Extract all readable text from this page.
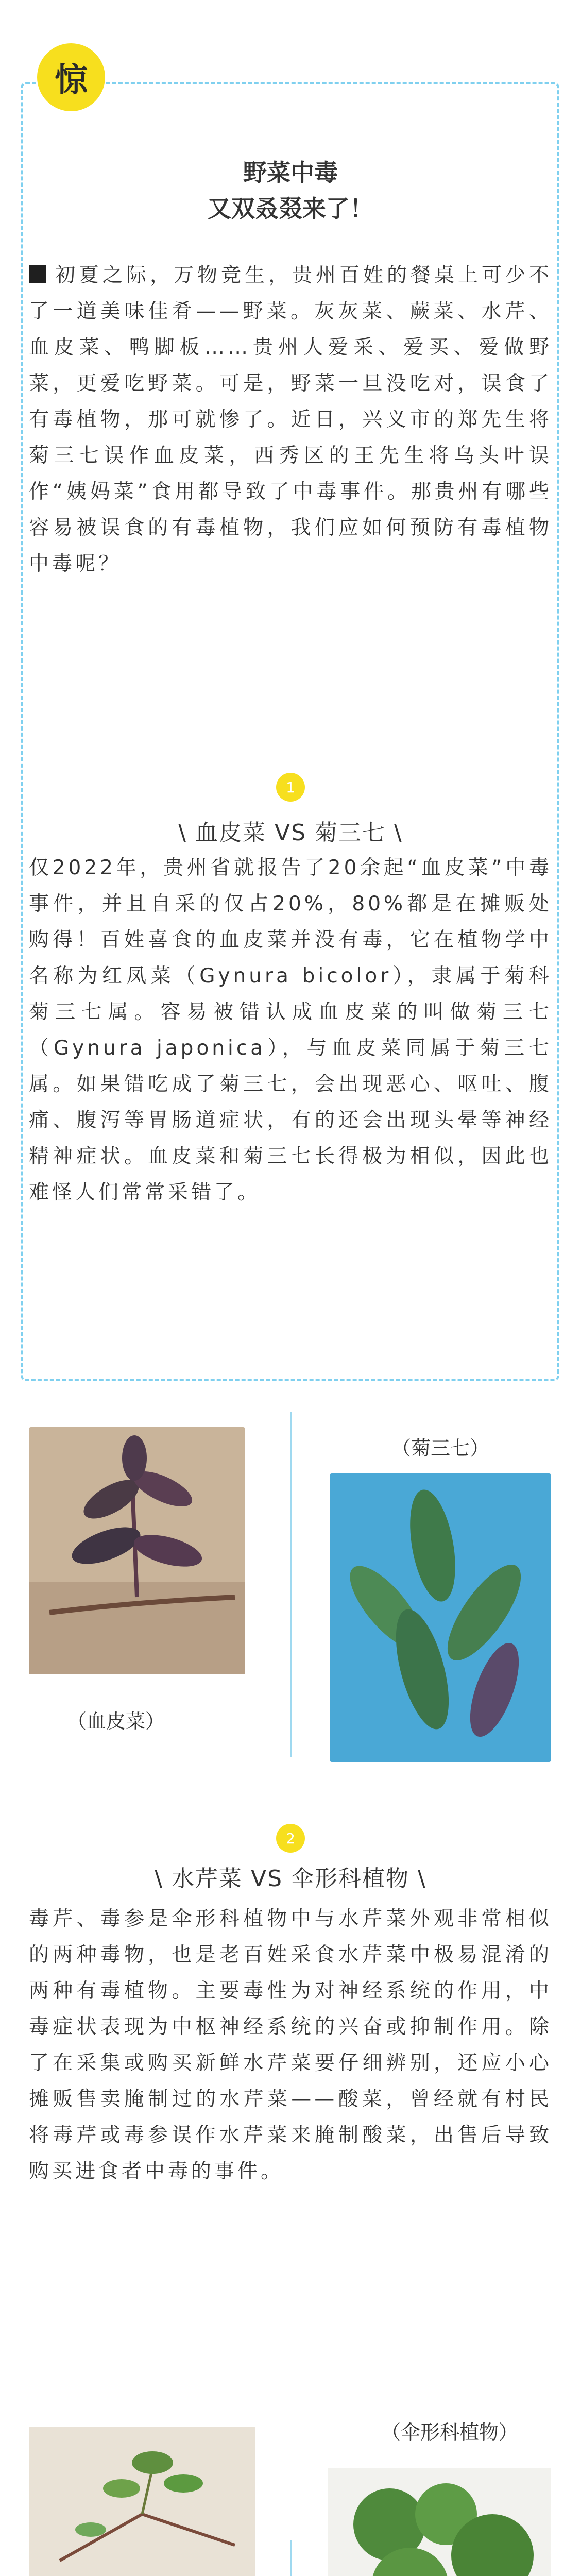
惊
野菜中毒
又双叒叕来了！
初夏之际，万物竞生，贵州百姓的餐桌上可少不了一道美味佳肴——野菜。灰灰菜、蕨菜、水芹、血皮菜、鸭脚板……贵州人爱采、爱买、爱做野菜，更爱吃野菜。可是，野菜一旦没吃对，误食了有毒植物，那可就惨了。近日，兴义市的郑先生将菊三七误作血皮菜，西秀区的王先生将乌头叶误作“姨妈菜”食用都导致了中毒事件。那贵州有哪些容易被误食的有毒植物，我们应如何预防有毒植物中毒呢？
1
\ 血皮菜 VS 菊三七 \
仅2022年，贵州省就报告了20余起“血皮菜”中毒事件，并且自采的仅占20%，80%都是在摊贩处购得！百姓喜食的血皮菜并没有毒，它在植物学中名称为红凤菜（Gynura bicolor），隶属于菊科菊三七属。容易被错认成血皮菜的叫做菊三七（Gynura japonica），与血皮菜同属于菊三七属。如果错吃成了菊三七，会出现恶心、呕吐、腹痛、腹泻等胃肠道症状，有的还会出现头晕等神经精神症状。血皮菜和菊三七长得极为相似，因此也难怪人们常常采错了。
（血皮菜）
（菊三七）
2
\ 水芹菜 VS 伞形科植物 \
毒芹、毒参是伞形科植物中与水芹菜外观非常相似的两种毒物，也是老百姓采食水芹菜中极易混淆的两种有毒植物。主要毒性为对神经系统的作用，中毒症状表现为中枢神经系统的兴奋或抑制作用。除了在采集或购买新鲜水芹菜要仔细辨别，还应小心摊贩售卖腌制过的水芹菜——酸菜，曾经就有村民将毒芹或毒参误作水芹菜来腌制酸菜，出售后导致购买进食者中毒的事件。
（伞形科植物）
